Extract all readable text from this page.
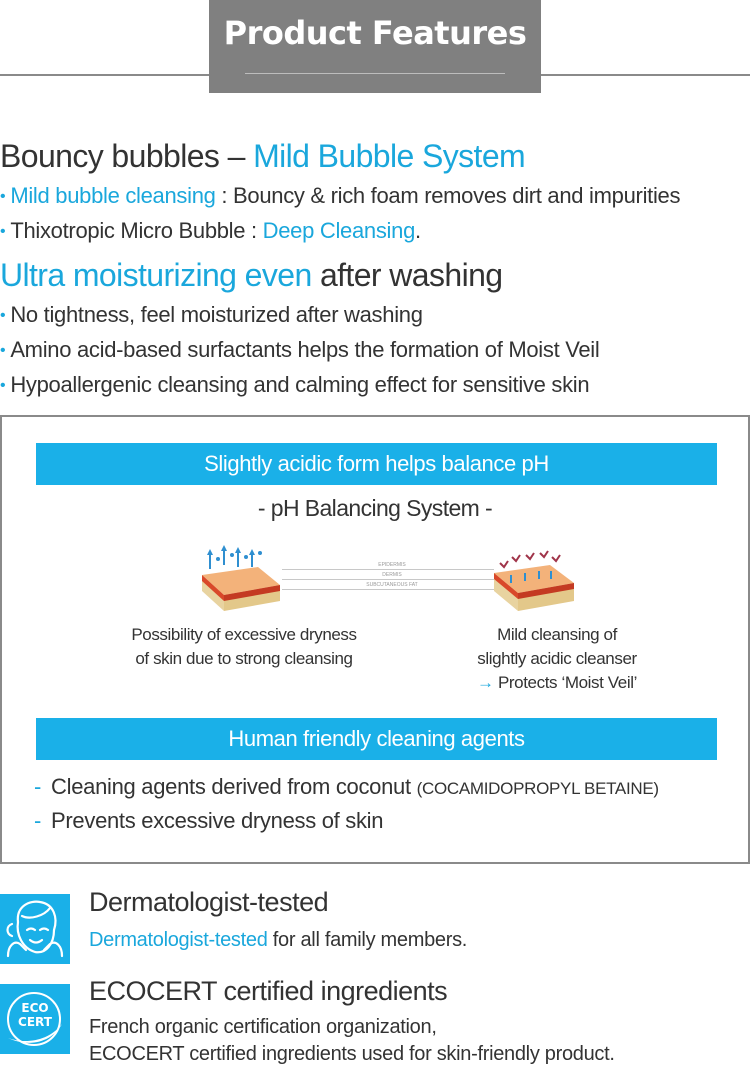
Product Features
Bouncy bubbles – Mild Bubble System
• Mild bubble cleansing : Bouncy & rich foam removes dirt and impurities
• Thixotropic Micro Bubble : Deep Cleansing.
Ultra moisturizing even after washing
• No tightness, feel moisturized after washing
• Amino acid-based surfactants helps the formation of Moist Veil
• Hypoallergenic cleansing and calming effect for sensitive skin
Slightly acidic form helps balance pH
- pH Balancing System -
EPIDERMIS
DERMIS
SUBCUTANEOUS FAT
Possibility of excessive dryness
of skin due to strong cleansing
Mild cleansing of
slightly acidic cleanser
→ Protects ‘Moist Veil’
Human friendly cleaning agents
- Cleaning agents derived from coconut (COCAMIDOPROPYL BETAINE)
- Prevents excessive dryness of skin
Dermatologist-tested
Dermatologist-tested for all family members.
ECO
CERT
ECOCERT certified ingredients
French organic certification organization,
ECOCERT certified ingredients used for skin-friendly product.
